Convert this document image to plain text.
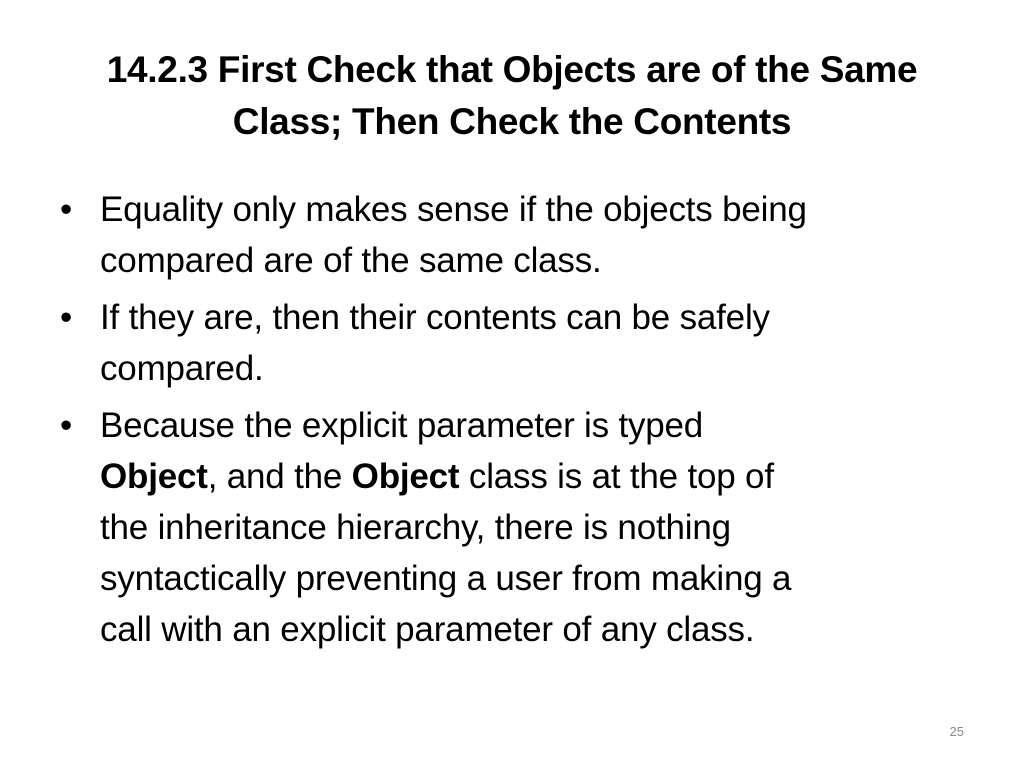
14.2.3 First Check that Objects are of the Same
Class; Then Check the Contents
• Equality only makes sense if the objects being
compared are of the same class.
• If they are, then their contents can be safely
compared.
• Because the explicit parameter is typed
Object, and the Object class is at the top of
the inheritance hierarchy, there is nothing
syntactically preventing a user from making a
call with an explicit parameter of any class.
25
